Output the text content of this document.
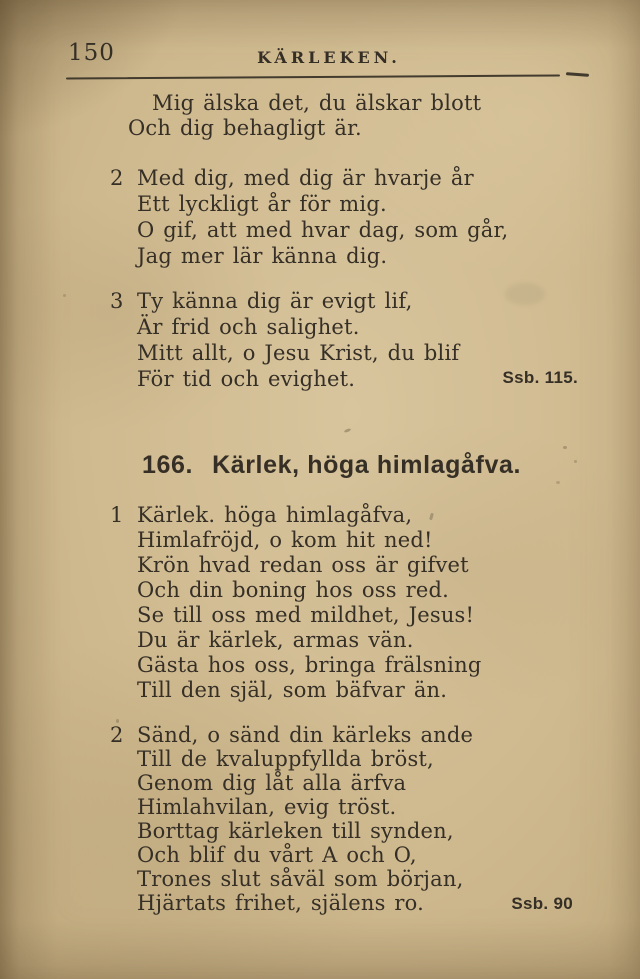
150	KÄRLEKEN.
Mig älska det, du älskar blott
Och dig behagligt är.
2 Med dig, med dig är hvarje år
Ett lyckligt år för mig.
O gif, att med hvar dag, som går,
Jag mer lär känna dig.
3 Ty känna dig är evigt lif,
Är frid och salighet.
Mitt allt, o Jesu Krist, du blif
För tid och evighet.	Ssb. 115.
166. Kärlek, höga himlagåfva.
1 Kärlek. höga himlagåfva,
Himlafröjd, o kom hit ned!
Krön hvad redan oss är gifvet
Och din boning hos oss red.
Se till oss med mildhet, Jesus!
Du är kärlek, armas vän.
Gästa hos oss, bringa frälsning
Till den själ, som bäfvar än.
2 Sänd, o sänd din kärleks ande
Till de kvaluppfyllda bröst,
Genom dig låt alla ärfva
Himlahvilan, evig tröst.
Borttag kärleken till synden,
Och blif du vårt A och O,
Trones slut såväl som början,
Hjärtats frihet, själens ro.	Ssb. 90
